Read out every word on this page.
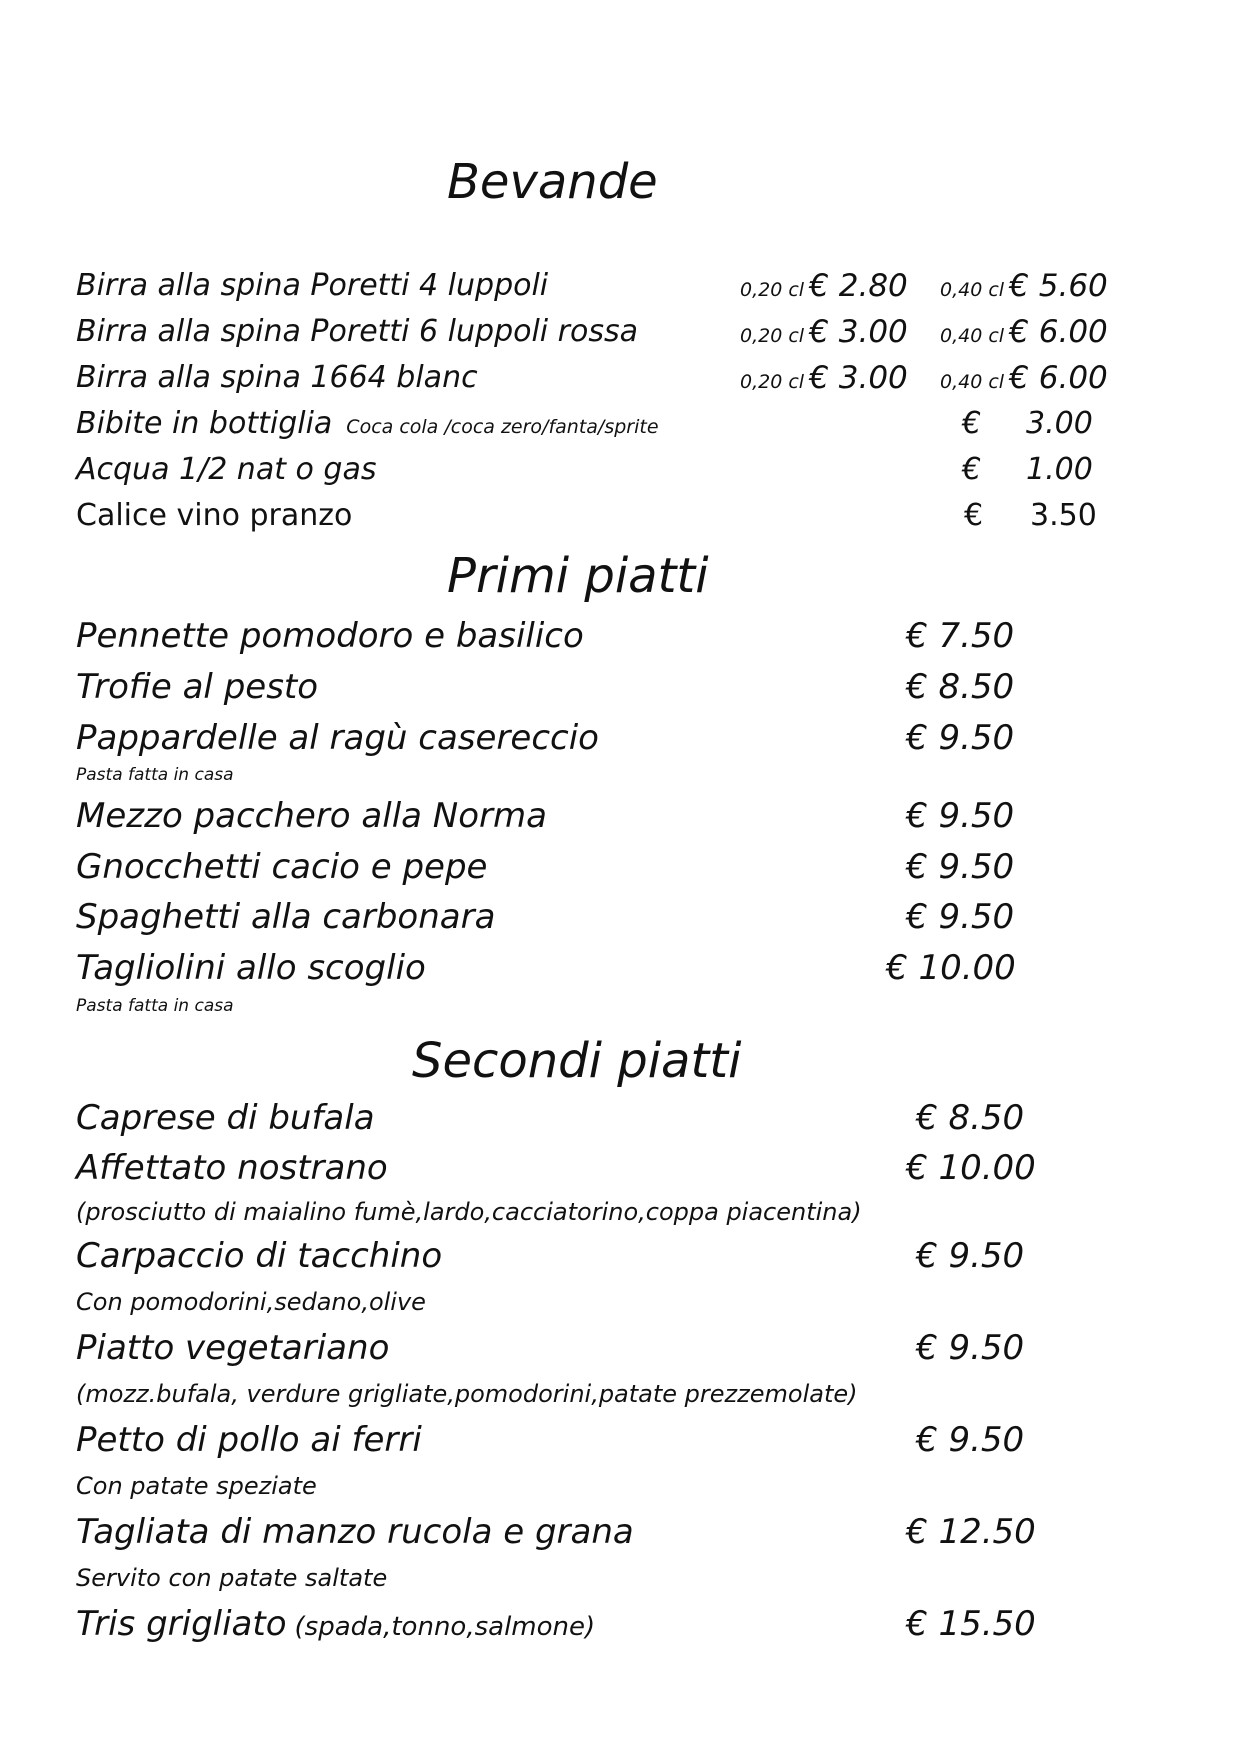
Bevande
Birra alla spina Poretti 4 luppoli	0,20 cl € 2.80 0,40 cl € 5.60
Birra alla spina Poretti 6 luppoli rossa	0,20 cl € 3.00 0,40 cl € 6.00
Birra alla spina 1664 blanc	0,20 cl € 3.00 0,40 cl € 6.00
Bibite in bottiglia Coca cola /coca zero/fanta/sprite	€ 3.00
Acqua 1/2 nat o gas	€ 1.00
Calice vino pranzo	€ 3.50
Primi piatti
Pennette pomodoro e basilico	€ 7.50
Trofie al pesto	€ 8.50
Pappardelle al ragù casereccio	€ 9.50
Pasta fatta in casa
Mezzo pacchero alla Norma	€ 9.50
Gnocchetti cacio e pepe	€ 9.50
Spaghetti alla carbonara	€ 9.50
Tagliolini allo scoglio	€ 10.00
Pasta fatta in casa
Secondi piatti
Caprese di bufala	€ 8.50
Affettato nostrano	€ 10.00
(prosciutto di maialino fumè,lardo,cacciatorino,coppa piacentina)
Carpaccio di tacchino	€ 9.50
Con pomodorini,sedano,olive
Piatto vegetariano	€ 9.50
(mozz.bufala, verdure grigliate,pomodorini,patate prezzemolate)
Petto di pollo ai ferri	€ 9.50
Con patate speziate
Tagliata di manzo rucola e grana	€ 12.50
Servito con patate saltate
Tris grigliato (spada,tonno,salmone)	€ 15.50
